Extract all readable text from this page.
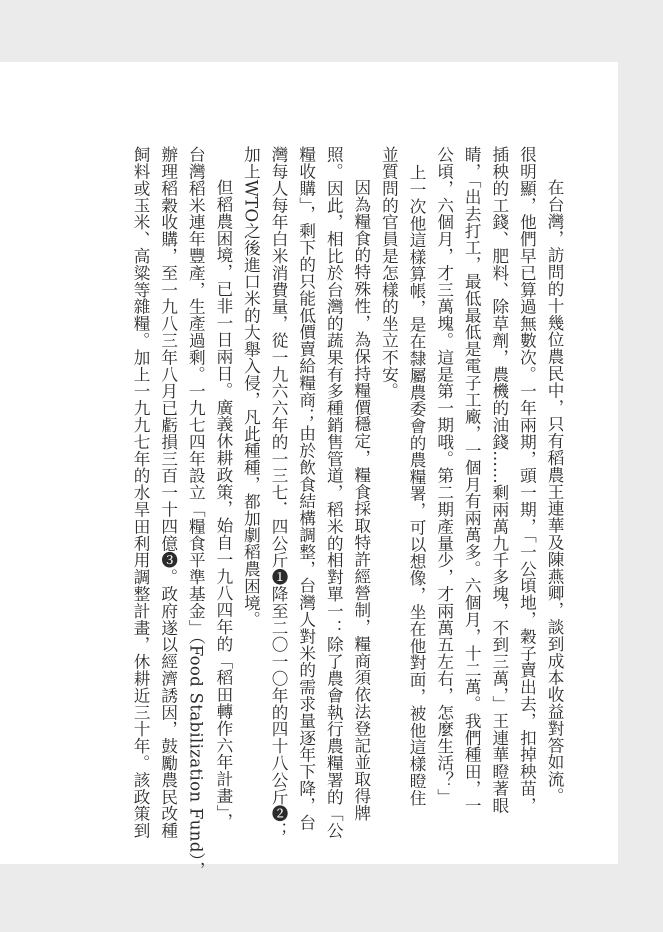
在台灣，訪問的十幾位農民中，只有稻農王連華及陳燕卿，談到成本收益對答如流。

很明顯，他們早已算過無數次。一年兩期，頭一期，「一公頃地，穀子賣出去，扣掉秧苗，

插秧的工錢、肥料、除草劑，農機的油錢……剩兩萬九千多塊，不到三萬，」王連華瞪著眼

睛，「出去打工，最低最低是電子工廠，一個月有兩萬多。六個月，十二萬。我們種田，一

公頃，六個月，才三萬塊。這是第一期哦。第二期產量少，才兩萬五左右，怎麼生活？」

上一次他這樣算帳，是在隸屬農委會的農糧署，可以想像，坐在他對面，被他這樣瞪住

並質問的官員是怎樣的坐立不安。

因為糧食的特殊性，為保持糧價穩定，糧食採取特許經營制，糧商須依法登記並取得牌

照。因此，相比於台灣的蔬果有多種銷售管道，稻米的相對單一：除了農會執行農糧署的「公

糧收購」，剩下的只能低價賣給糧商；由於飲食結構調整，台灣人對米的需求量逐年下降，台

灣每人每年白米消費量，從一九六六年的一三七．四公斤❶降至二〇一〇年的四十八公斤❷；

加上WTO之後進口米的大舉入侵，凡此種種，都加劇稻農困境。

但稻農困境，已非一日兩日。廣義休耕政策，始自一九八四年的「稻田轉作六年計畫」，

台灣稻米連年豐產，生產過剩。一九七四年設立「糧食平準基金」（Food Stabilization Fund），

辦理稻穀收購，至一九八三年八月已虧損三百一十四億❸。政府遂以經濟誘因，鼓勵農民改種

飼料或玉米、高粱等雜糧。加上一九九七年的水旱田利用調整計畫，休耕近三十年。該政策到
